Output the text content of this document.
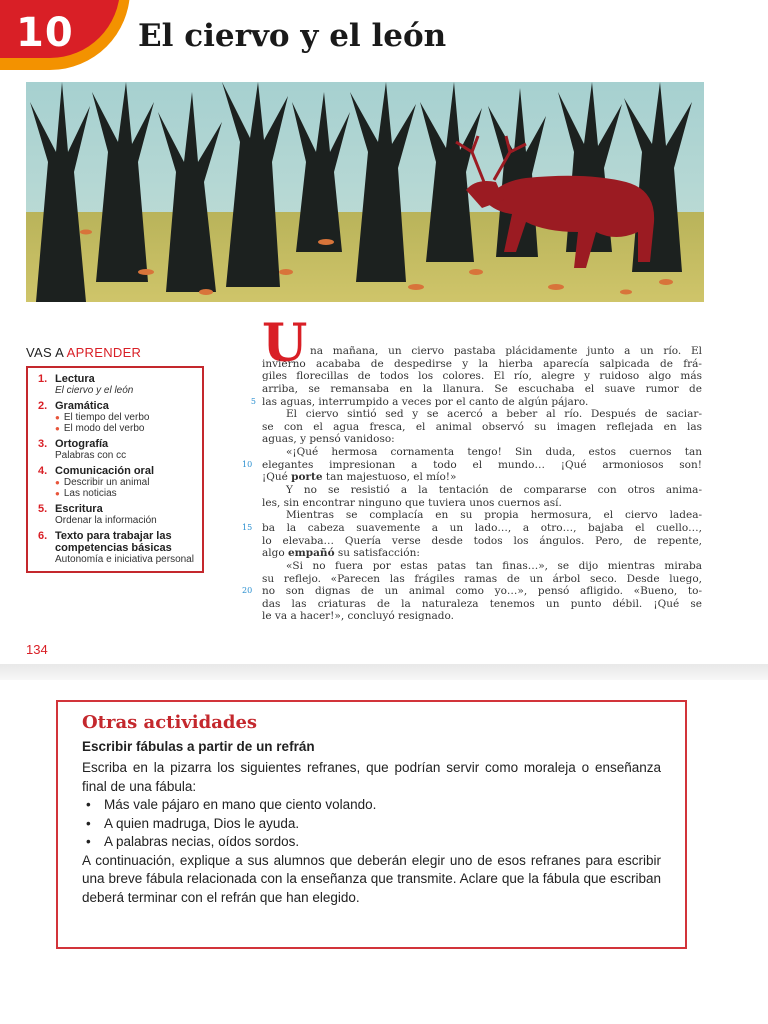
10 El ciervo y el león
VAS A APRENDER
1. Lectura
El ciervo y el león
2. Gramática
● El tiempo del verbo
● El modo del verbo
3. Ortografía
Palabras con cc
4. Comunicación oral
● Describir un animal
● Las noticias
5. Escritura
Ordenar la información
6. Texto para trabajar las competencias básicas
Autonomía e iniciativa personal
U na mañana, un ciervo pastaba plácidamente junto a un río. El
invierno acababa de despedirse y la hierba aparecía salpicada de frá-
giles florecillas de todos los colores. El río, alegre y ruidoso algo más
arriba, se remansaba en la llanura. Se escuchaba el suave rumor de
las aguas, interrumpido a veces por el canto de algún pájaro.
5
El ciervo sintió sed y se acercó a beber al río. Después de saciar-
se con el agua fresca, el animal observó su imagen reflejada en las
aguas, y pensó vanidoso:
«¡Qué hermosa cornamenta tengo! Sin duda, estos cuernos tan
elegantes impresionan a todo el mundo… ¡Qué armoniosos son!
10
¡Qué porte tan majestuoso, el mío!»
Y no se resistió a la tentación de compararse con otros anima-
les, sin encontrar ninguno que tuviera unos cuernos así.
Mientras se complacía en su propia hermosura, el ciervo ladea-
ba la cabeza suavemente a un lado…, a otro…, bajaba el cuello…,
15
lo elevaba… Quería verse desde todos los ángulos. Pero, de repente,
algo empañó su satisfacción:
«Si no fuera por estas patas tan finas…», se dijo mientras miraba
su reflejo. «Parecen las frágiles ramas de un árbol seco. Desde luego,
no son dignas de un animal como yo…», pensó afligido. «Bueno, to-
20
das las criaturas de la naturaleza tenemos un punto débil. ¡Qué se
le va a hacer!», concluyó resignado.
134
Otras actividades
Escribir fábulas a partir de un refrán
Escriba en la pizarra los siguientes refranes, que podrían servir como moraleja o enseñanza final de una fábula:
• Más vale pájaro en mano que ciento volando.
• A quien madruga, Dios le ayuda.
• A palabras necias, oídos sordos.
A continuación, explique a sus alumnos que deberán elegir uno de esos refranes para escribir una breve fábula relacionada con la enseñanza que transmite. Aclare que la fábula que escriban deberá terminar con el refrán que han elegido.
